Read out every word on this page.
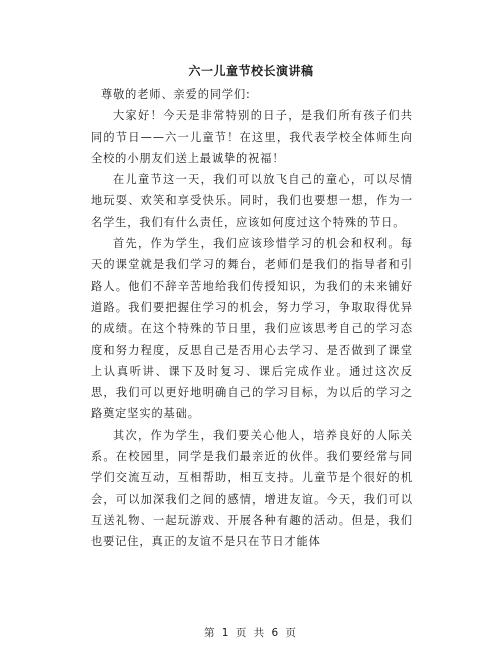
六一儿童节校长演讲稿

尊敬的老师、亲爱的同学们:

大家好！今天是非常特别的日子，是我们所有孩子们共同的节日——六一儿童节！在这里，我代表学校全体师生向全校的小朋友们送上最诚挚的祝福！

在儿童节这一天，我们可以放飞自己的童心，可以尽情地玩耍、欢笑和享受快乐。同时，我们也要想一想，作为一名学生，我们有什么责任，应该如何度过这个特殊的节日。

首先，作为学生，我们应该珍惜学习的机会和权利。每天的课堂就是我们学习的舞台，老师们是我们的指导者和引路人。他们不辞辛苦地给我们传授知识，为我们的未来铺好道路。我们要把握住学习的机会，努力学习，争取取得优异的成绩。在这个特殊的节日里，我们应该思考自己的学习态度和努力程度，反思自己是否用心去学习、是否做到了课堂上认真听讲、课下及时复习、课后完成作业。通过这次反思，我们可以更好地明确自己的学习目标，为以后的学习之路奠定坚实的基础。

其次，作为学生，我们要关心他人，培养良好的人际关系。在校园里，同学是我们最亲近的伙伴。我们要经常与同学们交流互动，互相帮助，相互支持。儿童节是个很好的机会，可以加深我们之间的感情，增进友谊。今天，我们可以互送礼物、一起玩游戏、开展各种有趣的活动。但是，我们也要记住，真正的友谊不是只在节日才能体

第 1 页 共 6 页
